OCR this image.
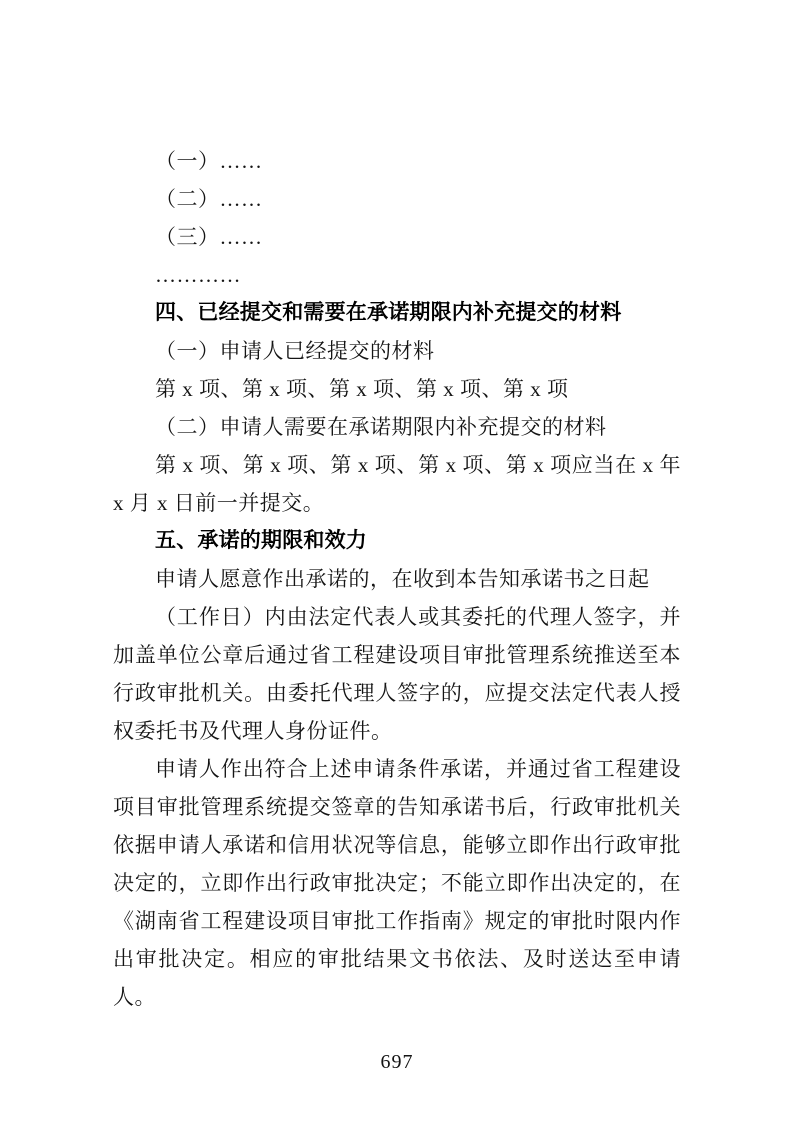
（一）……

（二）……

（三）……

…………

四、已经提交和需要在承诺期限内补充提交的材料

（一）申请人已经提交的材料

第 x 项、第 x 项、第 x 项、第 x 项、第 x 项

（二）申请人需要在承诺期限内补充提交的材料

第 x 项、第 x 项、第 x 项、第 x 项、第 x 项应当在 x 年 x 月 x 日前一并提交。

五、承诺的期限和效力

申请人愿意作出承诺的，在收到本告知承诺书之日起

（工作日）内由法定代表人或其委托的代理人签字，并加盖单位公章后通过省工程建设项目审批管理系统推送至本行政审批机关。由委托代理人签字的，应提交法定代表人授权委托书及代理人身份证件。

申请人作出符合上述申请条件承诺，并通过省工程建设项目审批管理系统提交签章的告知承诺书后，行政审批机关依据申请人承诺和信用状况等信息，能够立即作出行政审批决定的，立即作出行政审批决定；不能立即作出决定的，在《湖南省工程建设项目审批工作指南》规定的审批时限内作出审批决定。相应的审批结果文书依法、及时送达至申请人。

697
